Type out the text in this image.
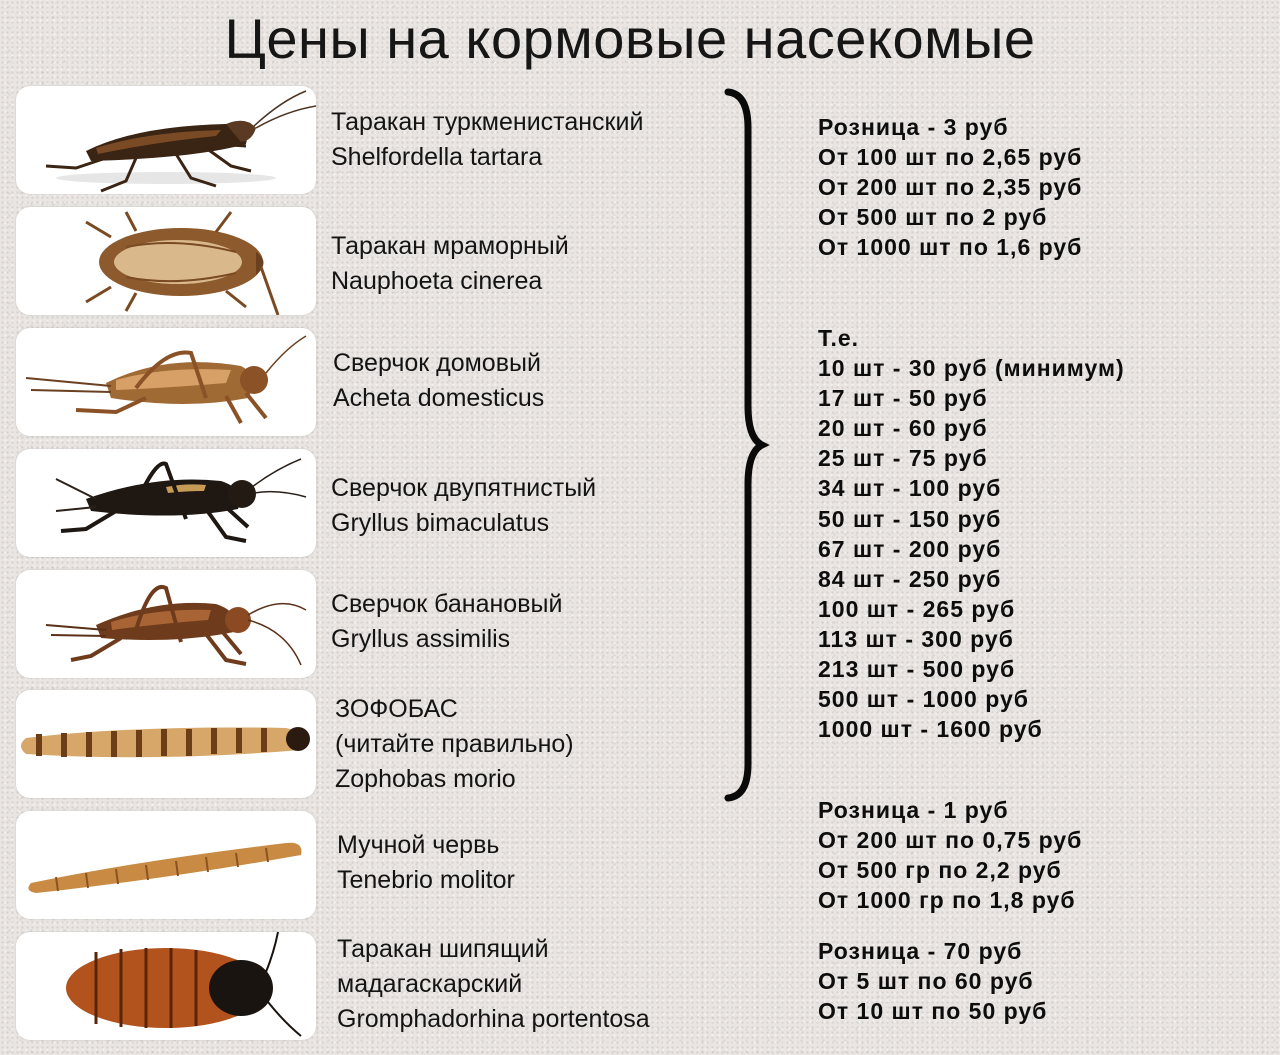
Цены на кормовые насекомые
Таракан туркменистанский
Shelfordella tartara
Таракан мраморный
Nauphoeta cinerea
Сверчок домовый
Acheta domesticus
Сверчок двупятнистый
Gryllus bimaculatus
Сверчок банановый
Gryllus assimilis
ЗОФОБАС
(читайте правильно)
Zophobas morio
Мучной червь
Tenebrio molitor
Таракан шипящий
мадагаскарский
Gromphadorhina portentosa
Розница - 3 руб
От 100 шт по 2,65 руб
От 200 шт по 2,35 руб
От 500 шт по 2 руб
От 1000 шт по 1,6 руб
Т.е.
10 шт - 30 руб (минимум)
17 шт - 50 руб
20 шт - 60 руб
25 шт - 75 руб
34 шт - 100 руб
50 шт - 150 руб
67 шт - 200 руб
84 шт - 250 руб
100 шт - 265 руб
113 шт - 300 руб
213 шт - 500 руб
500 шт - 1000 руб
1000 шт - 1600 руб
Розница - 1 руб
От 200 шт по 0,75 руб
От 500 гр по 2,2 руб
От 1000 гр по 1,8 руб
Розница - 70 руб
От 5 шт по 60 руб
От 10 шт по 50 руб
